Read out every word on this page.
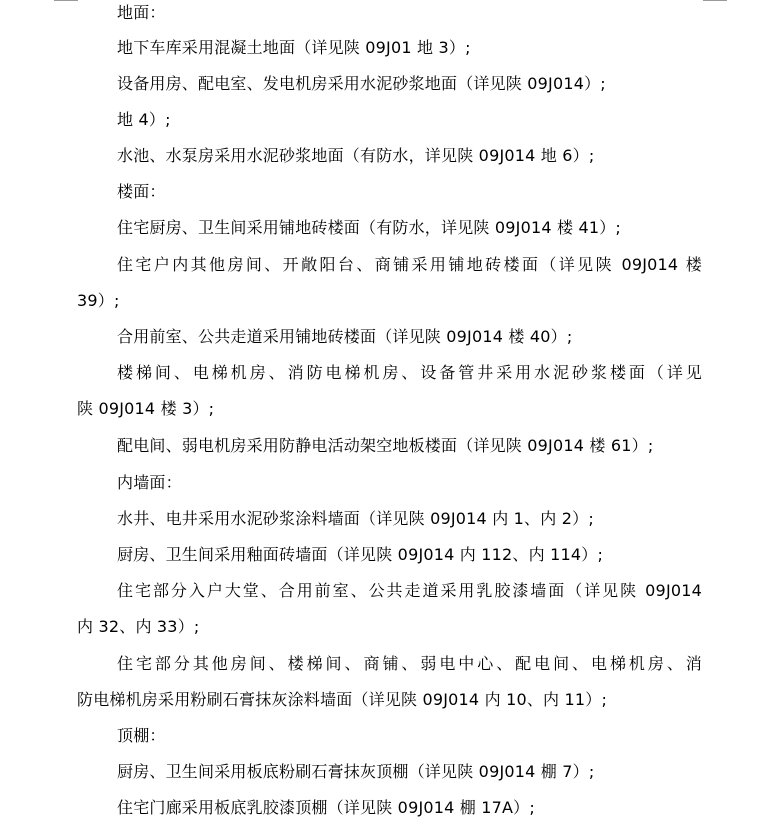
地面：
地下车库采用混凝土地面（详见陕 09J01 地 3）;
设备用房、配电室、发电机房采用水泥砂浆地面（详见陕 09J014）;
地 4）;
水池、水泵房采用水泥砂浆地面（有防水，详见陕 09J014 地 6）;
楼面：
住宅厨房、卫生间采用铺地砖楼面（有防水，详见陕 09J014 楼 41）;
住宅户内其他房间、开敞阳台、商铺采用铺地砖楼面（详见陕 09J014 楼
39）;
合用前室、公共走道采用铺地砖楼面（详见陕 09J014 楼 40）;
楼梯间、电梯机房、消防电梯机房、设备管井采用水泥砂浆楼面（详见
陕 09J014 楼 3）;
配电间、弱电机房采用防静电活动架空地板楼面（详见陕 09J014 楼 61）;
内墙面：
水井、电井采用水泥砂浆涂料墙面（详见陕 09J014 内 1、内 2）;
厨房、卫生间采用釉面砖墙面（详见陕 09J014 内 112、内 114）;
住宅部分入户大堂、合用前室、公共走道采用乳胶漆墙面（详见陕 09J014
内 32、内 33）;
住宅部分其他房间、楼梯间、商铺、弱电中心、配电间、电梯机房、消
防电梯机房采用粉刷石膏抹灰涂料墙面（详见陕 09J014 内 10、内 11）;
顶棚：
厨房、卫生间采用板底粉刷石膏抹灰顶棚（详见陕 09J014 棚 7）;
住宅门廊采用板底乳胶漆顶棚（详见陕 09J014 棚 17A）;
